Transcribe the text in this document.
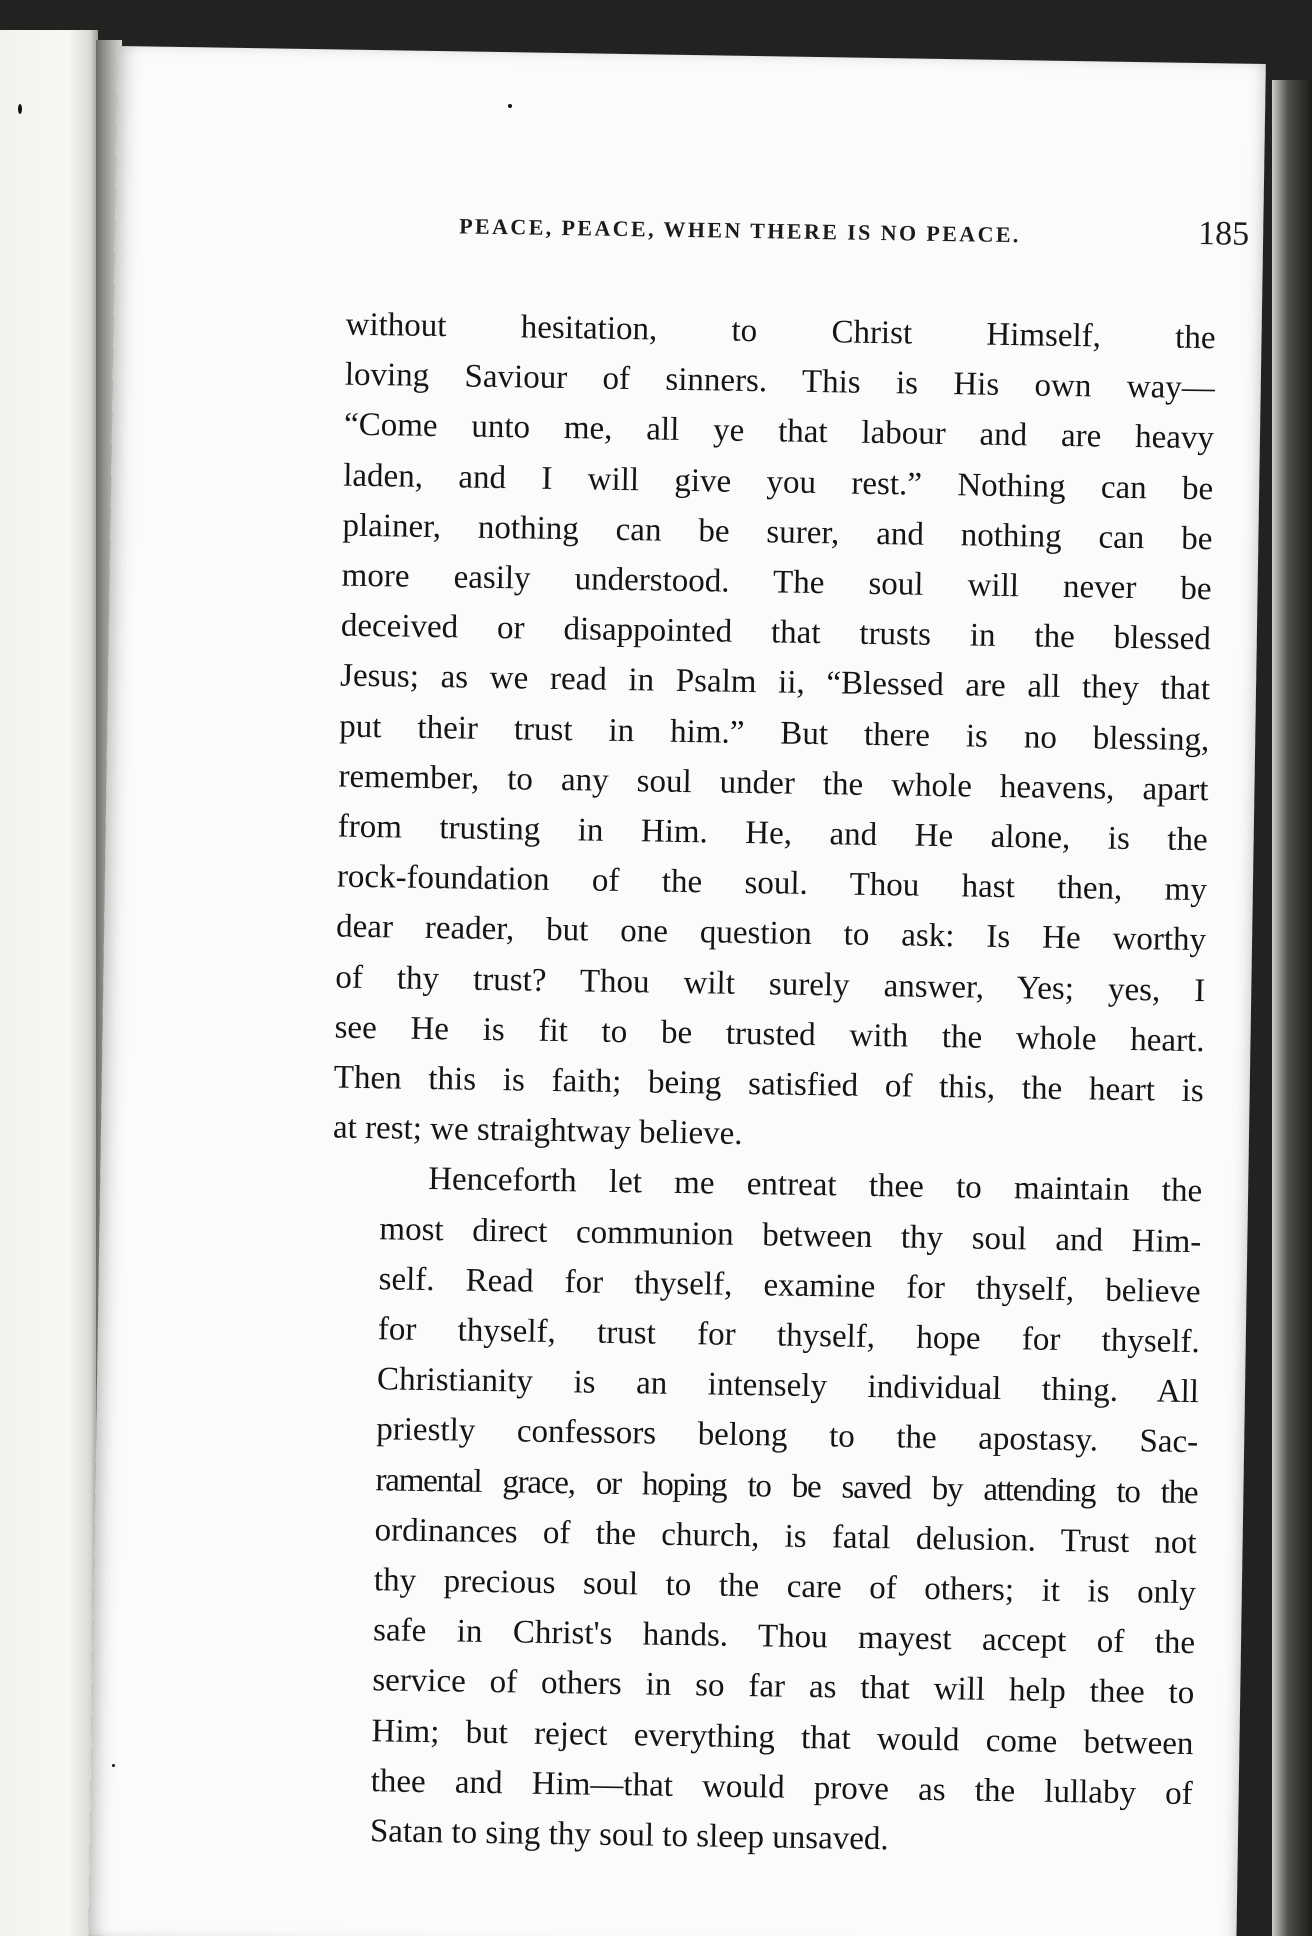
PEACE, PEACE, WHEN THERE IS NO PEACE.	185

without hesitation, to Christ Himself, the
loving Saviour of sinners. This is His own way—
“Come unto me, all ye that labour and are heavy
laden, and I will give you rest.” Nothing can be
plainer, nothing can be surer, and nothing can be
more easily understood. The soul will never be
deceived or disappointed that trusts in the blessed
Jesus; as we read in Psalm ii, “Blessed are all they that
put their trust in him.” But there is no blessing,
remember, to any soul under the whole heavens, apart
from trusting in Him. He, and He alone, is the
rock-foundation of the soul. Thou hast then, my
dear reader, but one question to ask: Is He worthy
of thy trust? Thou wilt surely answer, Yes; yes, I
see He is fit to be trusted with the whole heart.
Then this is faith; being satisfied of this, the heart is
at rest; we straightway believe.

Henceforth let me entreat thee to maintain the
most direct communion between thy soul and Him-
self. Read for thyself, examine for thyself, believe
for thyself, trust for thyself, hope for thyself.
Christianity is an intensely individual thing. All
priestly confessors belong to the apostasy. Sac-
ramental grace, or hoping to be saved by attending to the
ordinances of the church, is fatal delusion. Trust not
thy precious soul to the care of others; it is only
safe in Christ's hands. Thou mayest accept of the
service of others in so far as that will help thee to
Him; but reject everything that would come between
thee and Him—that would prove as the lullaby of
Satan to sing thy soul to sleep unsaved.
